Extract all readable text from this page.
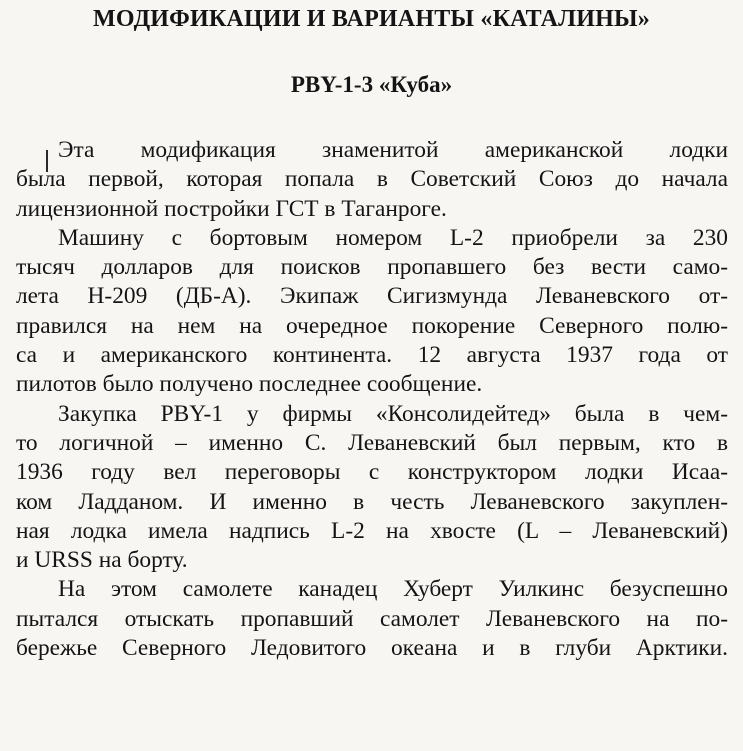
МОДИФИКАЦИИ И ВАРИАНТЫ «КАТАЛИНЫ»
PBY-1-3 «Куба»
Эта модификация знаменитой американской лодки
была первой, которая попала в Советский Союз до начала
лицензионной постройки ГСТ в Таганроге.
Машину с бортовым номером L-2 приобрели за 230
тысяч долларов для поисков пропавшего без вести само-
лета Н-209 (ДБ-А). Экипаж Сигизмунда Леваневского от-
правился на нем на очередное покорение Северного полю-
са и американского континента. 12 августа 1937 года от
пилотов было получено последнее сообщение.
Закупка PBY-1 у фирмы «Консолидейтед» была в чем-
то логичной – именно С. Леваневский был первым, кто в
1936 году вел переговоры с конструктором лодки Исаа-
ком Ладданом. И именно в честь Леваневского закуплен-
ная лодка имела надпись L-2 на хвосте (L – Леваневский)
и URSS на борту.
На этом самолете канадец Хуберт Уилкинс безуспешно
пытался отыскать пропавший самолет Леваневского на по-
бережье Северного Ледовитого океана и в глуби Арктики.
